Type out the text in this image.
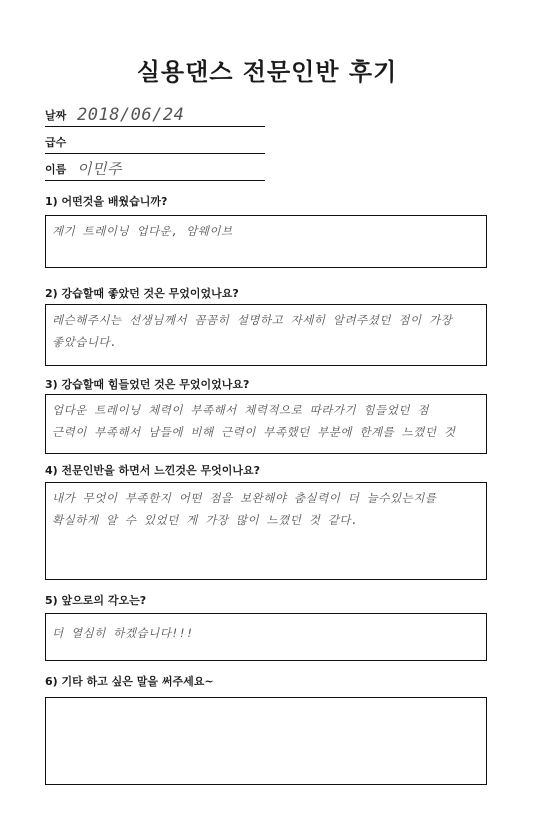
실용댄스 전문인반 후기
날짜 2018/06/24
급수
이름 이민주
1) 어떤것을 배웠습니까?

계기 트레이닝 업다운, 암웨이브

2) 강습할때 좋았던 것은 무었이었나요?

레슨해주시는 선생님께서 꼼꼼히 설명하고 자세히 알려주셨던 점이 가장

좋았습니다.

3) 강습할때 힘들었던 것은 무었이었나요?

업다운 트레이닝 체력이 부족해서 체력적으로 따라가기 힘들었던 점

근력이 부족해서 남들에 비해 근력이 부족했던 부분에 한계를 느꼈던 것

4) 전문인반을 하면서 느낀것은 무엇이나요?

내가 무엇이 부족한지 어떤 점을 보완해야 춤실력이 더 늘수있는지를

확실하게 알 수 있었던 게 가장 많이 느꼈던 것 같다.

5) 앞으로의 각오는?

더 열심히 하겠습니다!!!

6) 기타 하고 싶은 말을 써주세요~
